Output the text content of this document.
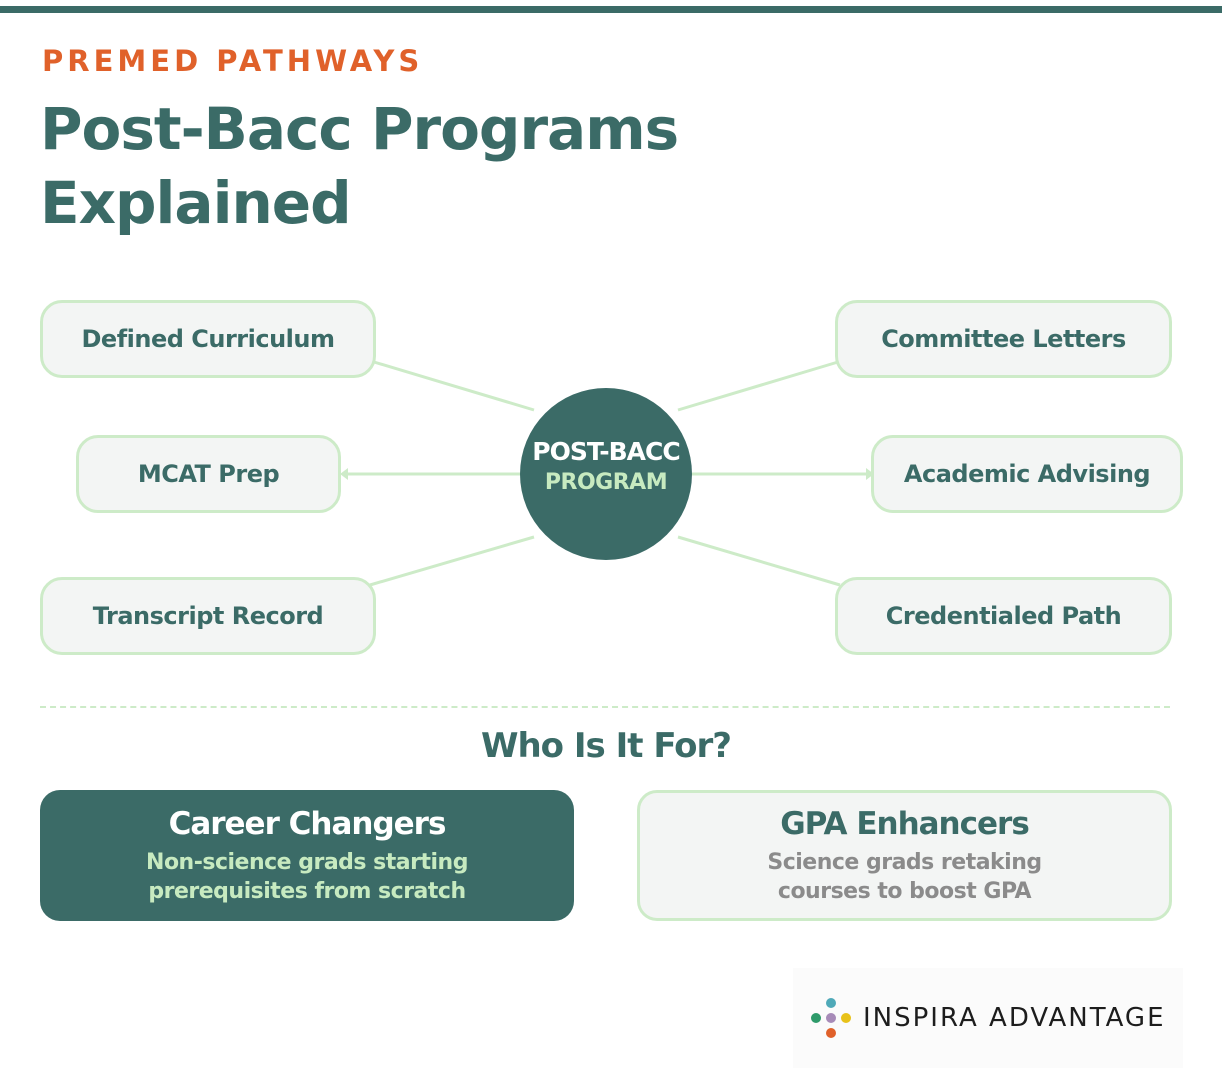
PREMED PATHWAYS
Post-Bacc Programs
Explained
Defined Curriculum
MCAT Prep
Transcript Record
Committee Letters
Academic Advising
Credentialed Path
POST-BACC
PROGRAM
Who Is It For?
Career Changers
Non-science grads starting
prerequisites from scratch
GPA Enhancers
Science grads retaking
courses to boost GPA
INSPIRA ADVANTAGE
